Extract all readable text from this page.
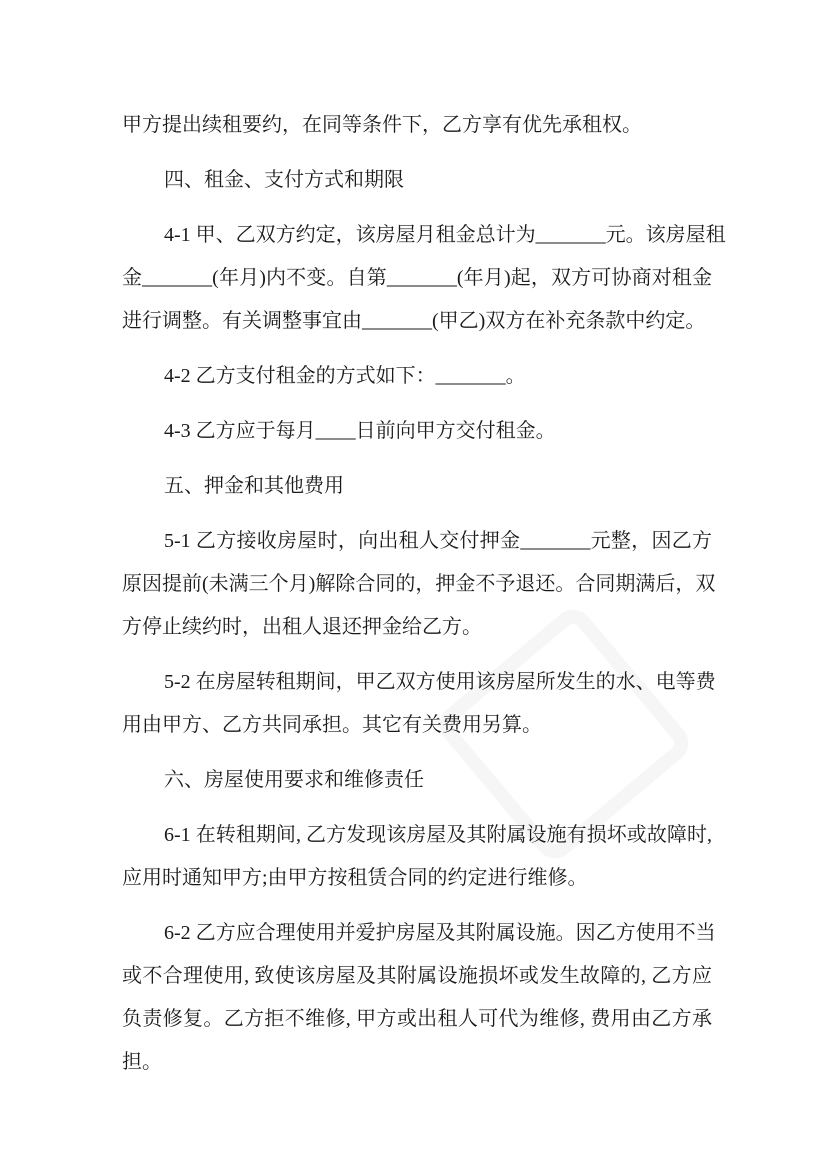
甲方提出续租要约，在同等条件下，乙方享有优先承租权。
四、租金、支付方式和期限
4-1 甲、乙双方约定，该房屋月租金总计为_______元。该房屋租
金_______(年月)内不变。自第_______(年月)起，双方可协商对租金
进行调整。有关调整事宜由_______(甲乙)双方在补充条款中约定。
4-2 乙方支付租金的方式如下：_______。
4-3 乙方应于每月____日前向甲方交付租金。
五、押金和其他费用
5-1 乙方接收房屋时，向出租人交付押金_______元整，因乙方
原因提前(未满三个月)解除合同的，押金不予退还。合同期满后，双
方停止续约时，出租人退还押金给乙方。
5-2 在房屋转租期间，甲乙双方使用该房屋所发生的水、电等费
用由甲方、乙方共同承担。其它有关费用另算。
六、房屋使用要求和维修责任
6-1 在转租期间, 乙方发现该房屋及其附属设施有损坏或故障时,
应用时通知甲方;由甲方按租赁合同的约定进行维修。
6-2 乙方应合理使用并爱护房屋及其附属设施。因乙方使用不当
或不合理使用, 致使该房屋及其附属设施损坏或发生故障的, 乙方应
负责修复。乙方拒不维修, 甲方或出租人可代为维修, 费用由乙方承
担。
